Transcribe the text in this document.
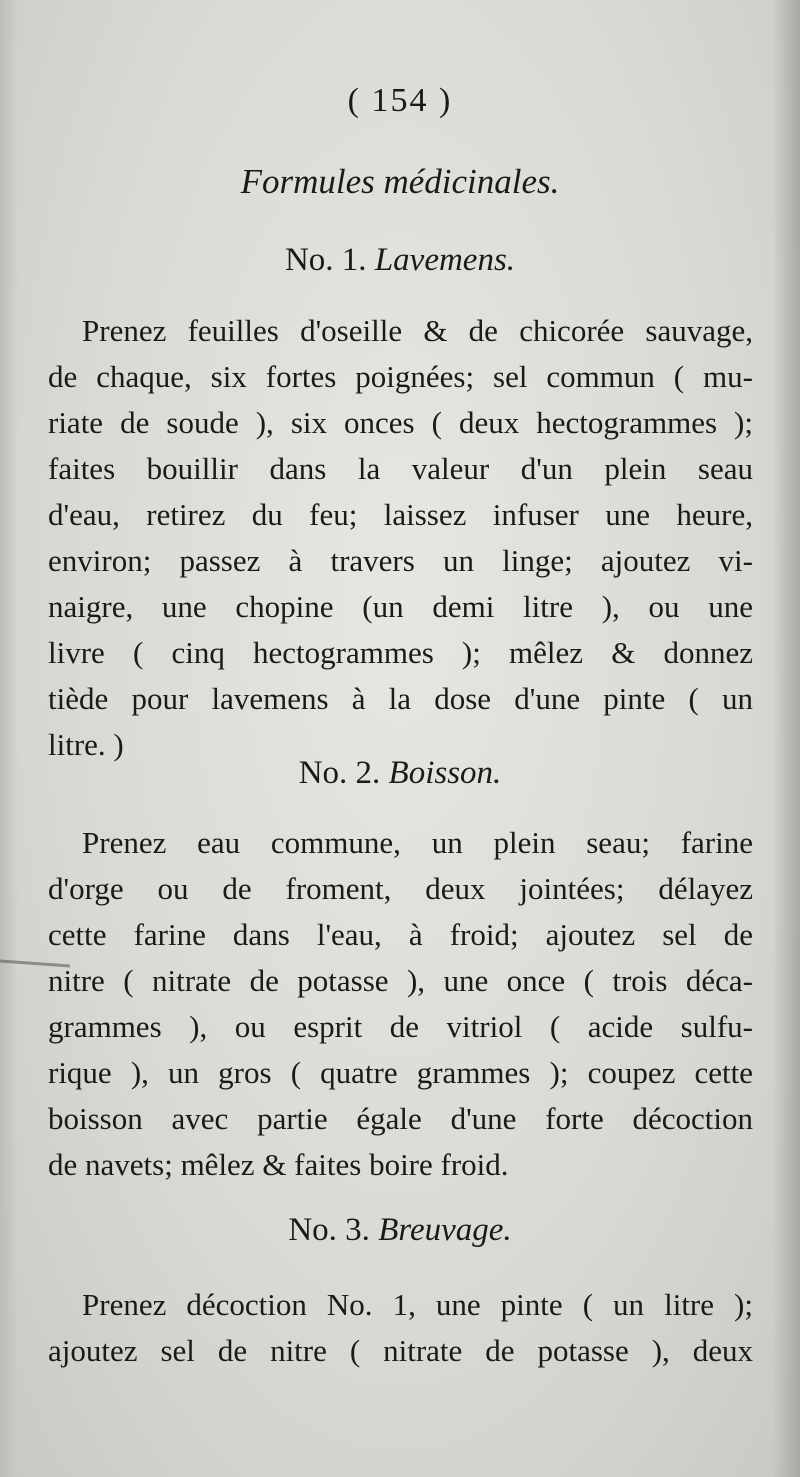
( 154 )
Formules médicinales.
No. 1. Lavemens.
Prenez feuilles d'oseille & de chicorée sauvage,
de chaque, six fortes poignées; sel commun ( mu-
riate de soude ), six onces ( deux hectogrammes );
faites bouillir dans la valeur d'un plein seau
d'eau, retirez du feu; laissez infuser une heure,
environ; passez à travers un linge; ajoutez vi-
naigre, une chopine (un demi litre ), ou une
livre ( cinq hectogrammes ); mêlez & donnez
tiède pour lavemens à la dose d'une pinte ( un
litre. )
No. 2. Boisson.
Prenez eau commune, un plein seau; farine
d'orge ou de froment, deux jointées; délayez
cette farine dans l'eau, à froid; ajoutez sel de
nitre ( nitrate de potasse ), une once ( trois déca-
grammes ), ou esprit de vitriol ( acide sulfu-
rique ), un gros ( quatre grammes ); coupez cette
boisson avec partie égale d'une forte décoction
de navets; mêlez & faites boire froid.
No. 3. Breuvage.
Prenez décoction No. 1, une pinte ( un litre );
ajoutez sel de nitre ( nitrate de potasse ), deux
